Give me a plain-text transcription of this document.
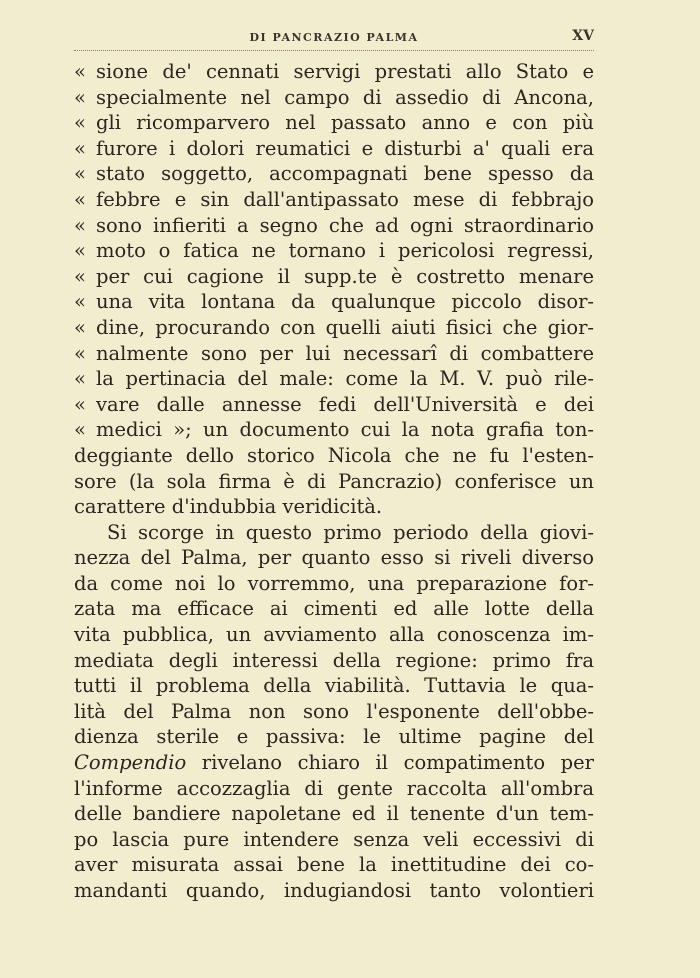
DI PANCRAZIO PALMA	XV
« sione de' cennati servigi prestati allo Stato e
« specialmente nel campo di assedio di Ancona,
« gli ricomparvero nel passato anno e con più
« furore i dolori reumatici e disturbi a' quali era
« stato soggetto, accompagnati bene spesso da
« febbre e sin dall'antipassato mese di febbrajo
« sono infieriti a segno che ad ogni straordinario
« moto o fatica ne tornano i pericolosi regressi,
« per cui cagione il supp.te è costretto menare
« una vita lontana da qualunque piccolo disor-
« dine, procurando con quelli aiuti fisici che gior-
« nalmente sono per lui necessarî di combattere
« la pertinacia del male: come la M. V. può rile-
« vare dalle annesse fedi dell'Università e dei
« medici »; un documento cui la nota grafia ton-
deggiante dello storico Nicola che ne fu l'esten-
sore (la sola firma è di Pancrazio) conferisce un
carattere d'indubbia veridicità.
Si scorge in questo primo periodo della giovi-
nezza del Palma, per quanto esso si riveli diverso
da come noi lo vorremmo, una preparazione for-
zata ma efficace ai cimenti ed alle lotte della
vita pubblica, un avviamento alla conoscenza im-
mediata degli interessi della regione: primo fra
tutti il problema della viabilità. Tuttavia le qua-
lità del Palma non sono l'esponente dell'obbe-
dienza sterile e passiva: le ultime pagine del
Compendio rivelano chiaro il compatimento per
l'informe accozzaglia di gente raccolta all'ombra
delle bandiere napoletane ed il tenente d'un tem-
po lascia pure intendere senza veli eccessivi di
aver misurata assai bene la inettitudine dei co-
mandanti quando, indugiandosi tanto volontieri
